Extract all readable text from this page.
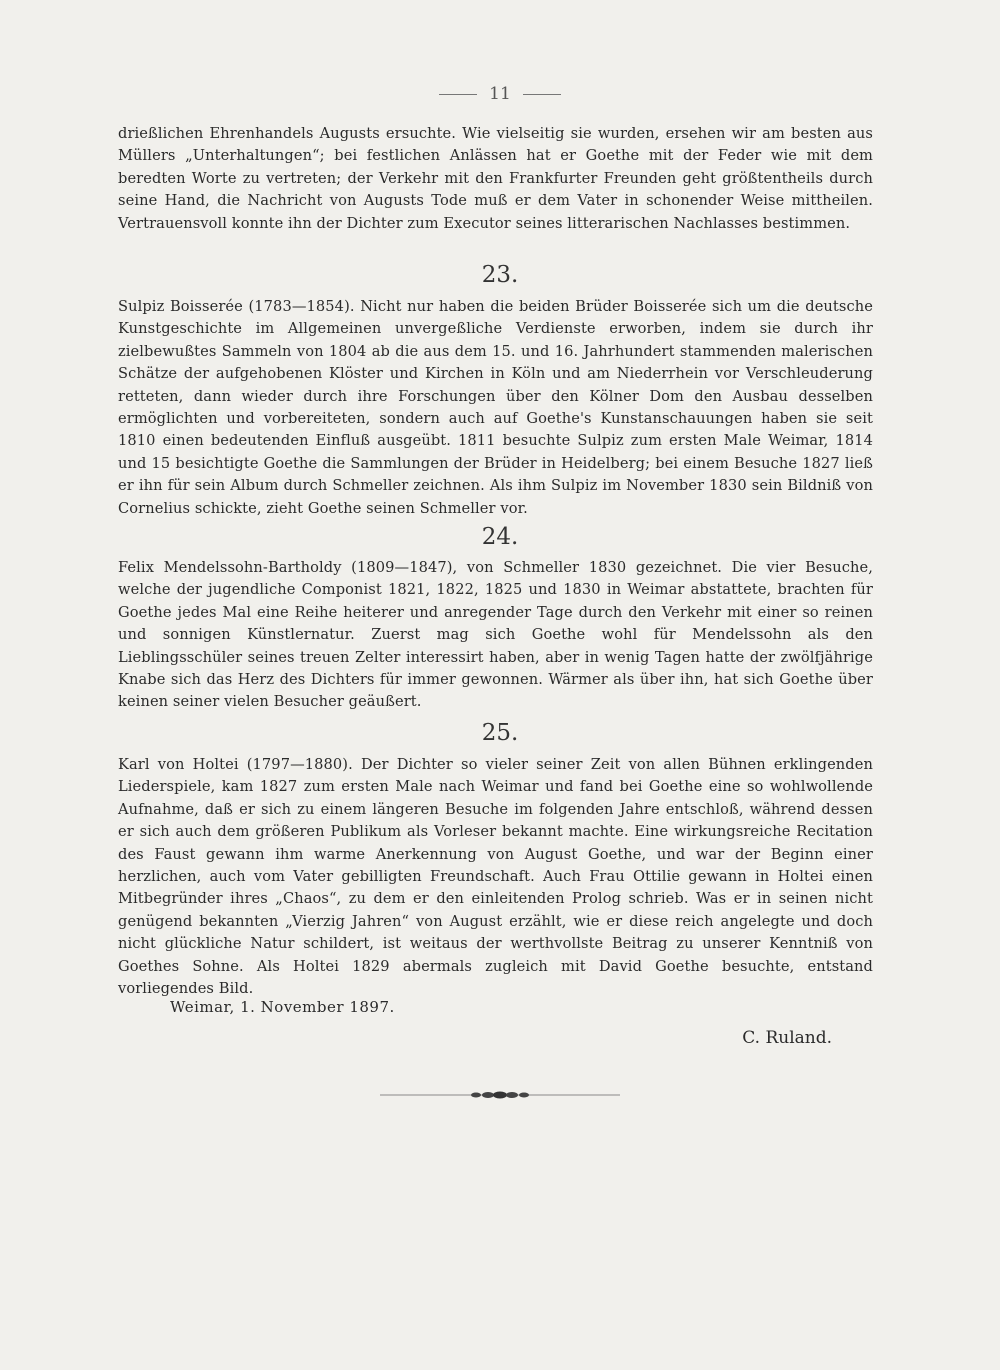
11

drießlichen Ehrenhandels Augusts ersuchte. Wie vielseitig sie wurden, ersehen wir am besten aus Müllers „Unterhaltungen“; bei festlichen Anlässen hat er Goethe mit der Feder wie mit dem beredten Worte zu vertreten; der Verkehr mit den Frankfurter Freunden geht größtentheils durch seine Hand, die Nachricht von Augusts Tode muß er dem Vater in schonender Weise mittheilen. Vertrauensvoll konnte ihn der Dichter zum Executor seines litterarischen Nachlasses bestimmen.

23.

Sulpiz Boisserée (1783—1854). Nicht nur haben die beiden Brüder Boisserée sich um die deutsche Kunstgeschichte im Allgemeinen unvergeßliche Verdienste erworben, indem sie durch ihr zielbewußtes Sammeln von 1804 ab die aus dem 15. und 16. Jahrhundert stammenden malerischen Schätze der aufgehobenen Klöster und Kirchen in Köln und am Niederrhein vor Verschleuderung retteten, dann wieder durch ihre Forschungen über den Kölner Dom den Ausbau desselben ermöglichten und vorbereiteten, sondern auch auf Goethe's Kunstanschauungen haben sie seit 1810 einen bedeutenden Einfluß ausgeübt. 1811 besuchte Sulpiz zum ersten Male Weimar, 1814 und 15 besichtigte Goethe die Sammlungen der Brüder in Heidelberg; bei einem Besuche 1827 ließ er ihn für sein Album durch Schmeller zeichnen. Als ihm Sulpiz im November 1830 sein Bildniß von Cornelius schickte, zieht Goethe seinen Schmeller vor.

24.

Felix Mendelssohn-Bartholdy (1809—1847), von Schmeller 1830 gezeichnet. Die vier Besuche, welche der jugendliche Componist 1821, 1822, 1825 und 1830 in Weimar abstattete, brachten für Goethe jedes Mal eine Reihe heiterer und anregender Tage durch den Verkehr mit einer so reinen und sonnigen Künstlernatur. Zuerst mag sich Goethe wohl für Mendelssohn als den Lieblingsschüler seines treuen Zelter interessirt haben, aber in wenig Tagen hatte der zwölfjährige Knabe sich das Herz des Dichters für immer gewonnen. Wärmer als über ihn, hat sich Goethe über keinen seiner vielen Besucher geäußert.

25.

Karl von Holtei (1797—1880). Der Dichter so vieler seiner Zeit von allen Bühnen erklingenden Liederspiele, kam 1827 zum ersten Male nach Weimar und fand bei Goethe eine so wohlwollende Aufnahme, daß er sich zu einem längeren Besuche im folgenden Jahre entschloß, während dessen er sich auch dem größeren Publikum als Vorleser bekannt machte. Eine wirkungsreiche Recitation des Faust gewann ihm warme Anerkennung von August Goethe, und war der Beginn einer herzlichen, auch vom Vater gebilligten Freundschaft. Auch Frau Ottilie gewann in Holtei einen Mitbegründer ihres „Chaos“, zu dem er den einleitenden Prolog schrieb. Was er in seinen nicht genügend bekannten „Vierzig Jahren“ von August erzählt, wie er diese reich angelegte und doch nicht glückliche Natur schildert, ist weitaus der werthvollste Beitrag zu unserer Kenntniß von Goethes Sohne. Als Holtei 1829 abermals zugleich mit David Goethe besuchte, entstand vorliegendes Bild.

Weimar, 1. November 1897.
C. Ruland.
